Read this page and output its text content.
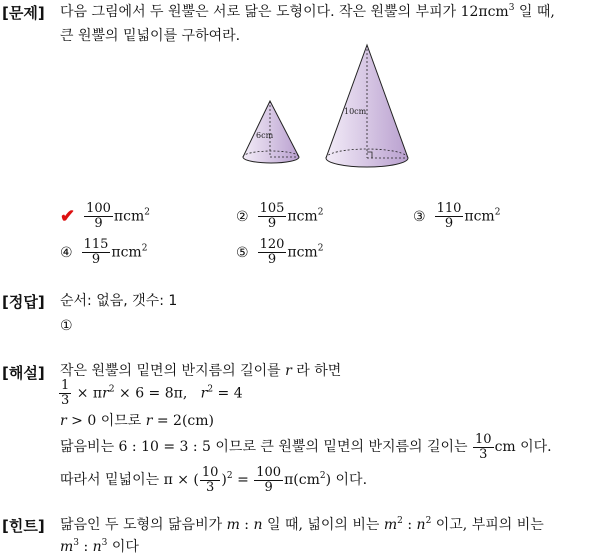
[문제] 다음 그림에서 두 원뿔은 서로 닮은 도형이다. 작은 원뿔의 부피가 12πcm$^3$ 일 때,
큰 원뿔의 밑넓이를 구하여라.
6cm
10cm
✔ $\frac{100}{9} \pi cm^2$	② $\frac{105}{9} \pi cm^2$	③ $\frac{110}{9} \pi cm^2$
④ $\frac{115}{9} \pi cm^2$	⑤ $\frac{120}{9} \pi cm^2$
[정답] 순서: 없음, 갯수: 1
①
[해설] 작은 원뿔의 밑면의 반지름의 길이를 r 라 하면
$\frac{1}{3} \times \pi r^2 \times 6 = 8\pi$,   $r^2 = 4$
r > 0 이므로 r = 2(cm)
닮음비는 6 : 10 = 3 : 5 이므로 큰 원뿔의 밑면의 반지름의 길이는 $\frac{10}{3}$ cm 이다.
따라서 밑넓이는 π × ( $\frac{10}{3} )^2 = \frac{100}{9} \pi(cm^2)$ 이다.
[힌트] 닮음인 두 도형의 닮음비가 m : n 일 때, 넓이의 비는 $m^2$ : $n^2$ 이고, 부피의 비는
$m^3$ : $n^3$ 이다
